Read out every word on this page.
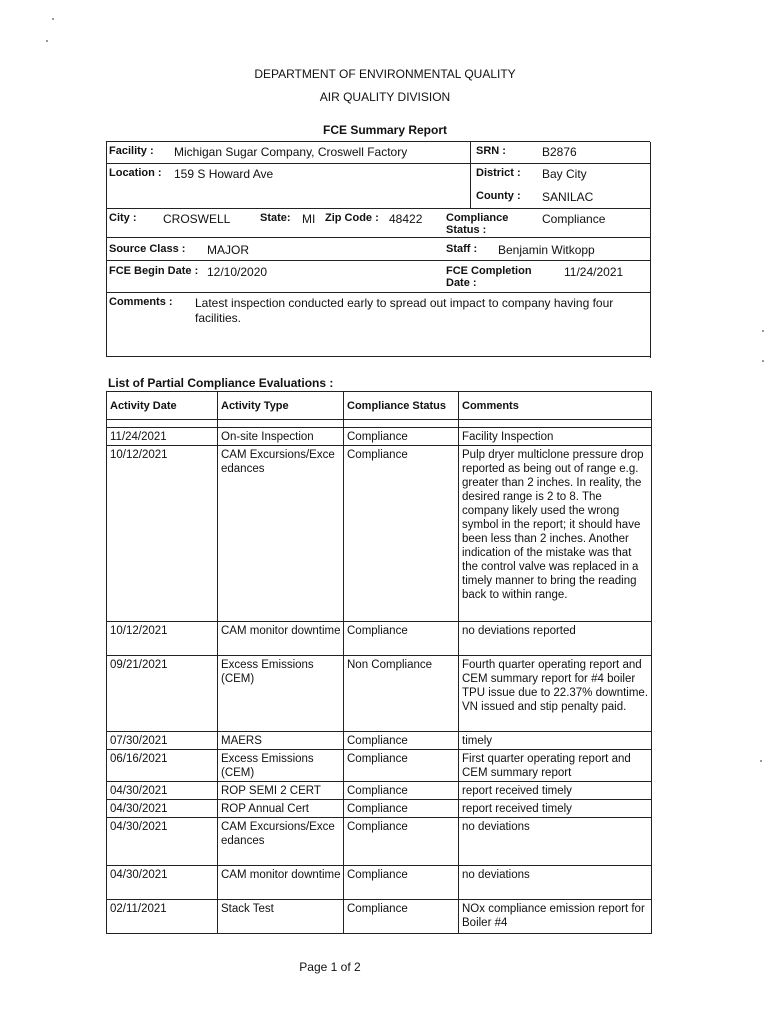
DEPARTMENT OF ENVIRONMENTAL QUALITY
AIR QUALITY DIVISION
FCE Summary Report
Facility : Michigan Sugar Company, Croswell Factory	SRN :	B2876
Location : 159 S Howard Ave	District : Bay City
County : SANILAC
City : CROSWELL	State: MI Zip Code : 48422 Compliance Status :
Compliance
Source Class : MAJOR	Staff : Benjamin Witkopp
FCE Begin Date : 12/10/2020	FCE Completion Date :
11/24/2021
Comments : Latest inspection conducted early to spread out impact to company having four facilities.
List of Partial Compliance Evaluations :
Activity Date	Activity Type	Compliance Status	Comments

11/24/2021	On-site Inspection	Compliance	Facility Inspection
10/12/2021	CAM Excursions/Exceedances	Compliance	Pulp dryer multiclone pressure drop reported as being out of range e.g. greater than 2 inches. In reality, the desired range is 2 to 8. The company likely used the wrong symbol in the report; it should have been less than 2 inches. Another indication of the mistake was that the control valve was replaced in a timely manner to bring the reading back to within range.
10/12/2021	CAM monitor downtime	Compliance	no deviations reported
09/21/2021	Excess Emissions (CEM)	Non Compliance	Fourth quarter operating report and CEM summary report for #4 boiler TPU issue due to 22.37% downtime. VN issued and stip penalty paid.
07/30/2021	MAERS	Compliance	timely
06/16/2021	Excess Emissions (CEM)	Compliance	First quarter operating report and CEM summary report
04/30/2021	ROP SEMI 2 CERT	Compliance	report received timely
04/30/2021	ROP Annual Cert	Compliance	report received timely
04/30/2021	CAM Excursions/Exceedances	Compliance	no deviations
04/30/2021	CAM monitor downtime	Compliance	no deviations
02/11/2021	Stack Test	Compliance	NOx compliance emission report for Boiler #4
Page 1 of 2
